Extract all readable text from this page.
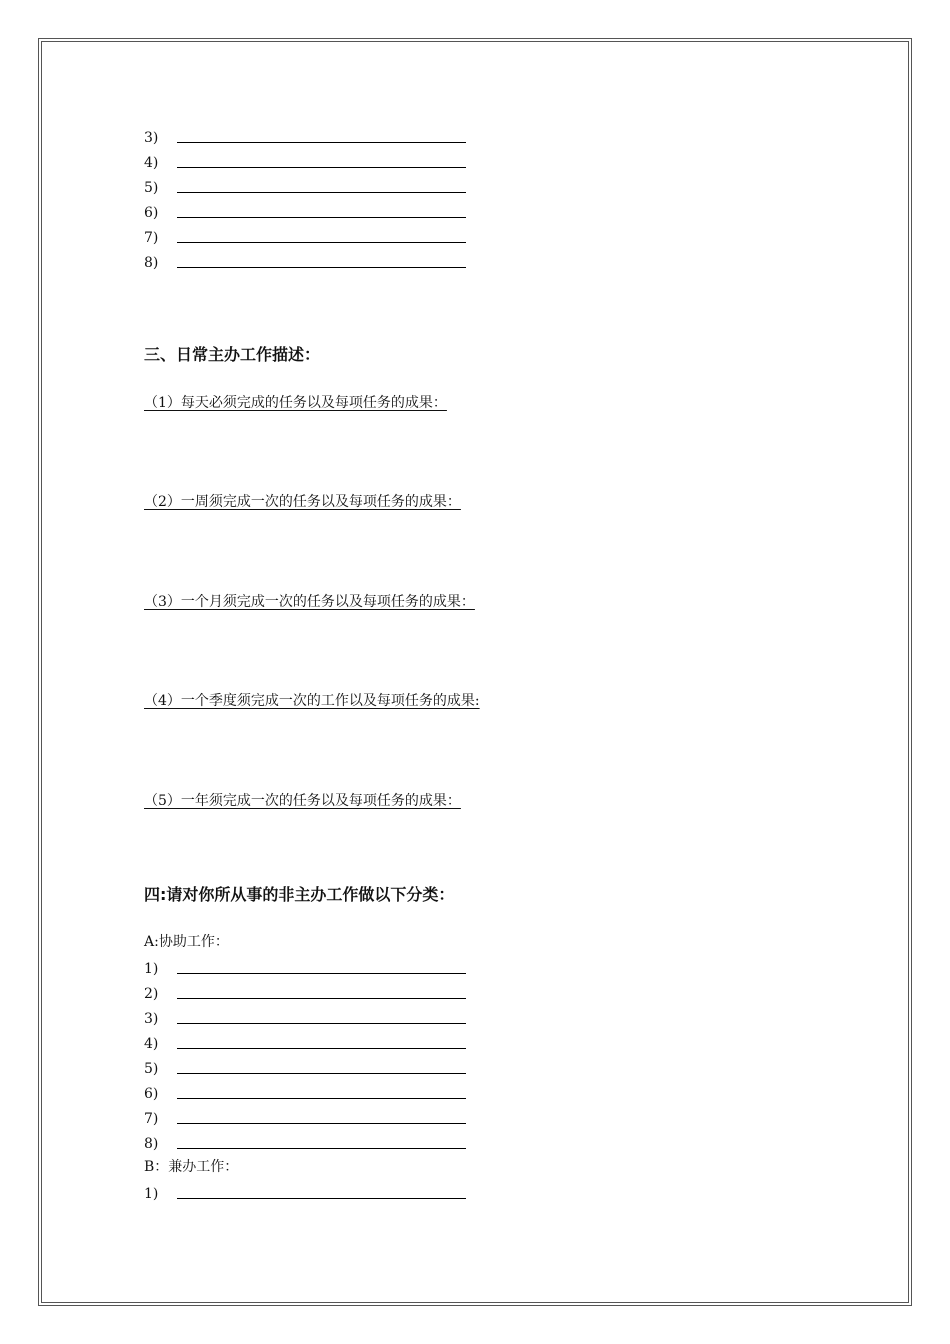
3)
4)
5)
6)
7)
8)
三、日常主办工作描述：
（1）每天必须完成的任务以及每项任务的成果：
（2）一周须完成一次的任务以及每项任务的成果：
（3）一个月须完成一次的任务以及每项任务的成果：
（4）一个季度须完成一次的工作以及每项任务的成果:
（5）一年须完成一次的任务以及每项任务的成果：
四:请对你所从事的非主办工作做以下分类：
A:协助工作：
1)
2)
3)
4)
5)
6)
7)
8)
B：兼办工作：
1)
